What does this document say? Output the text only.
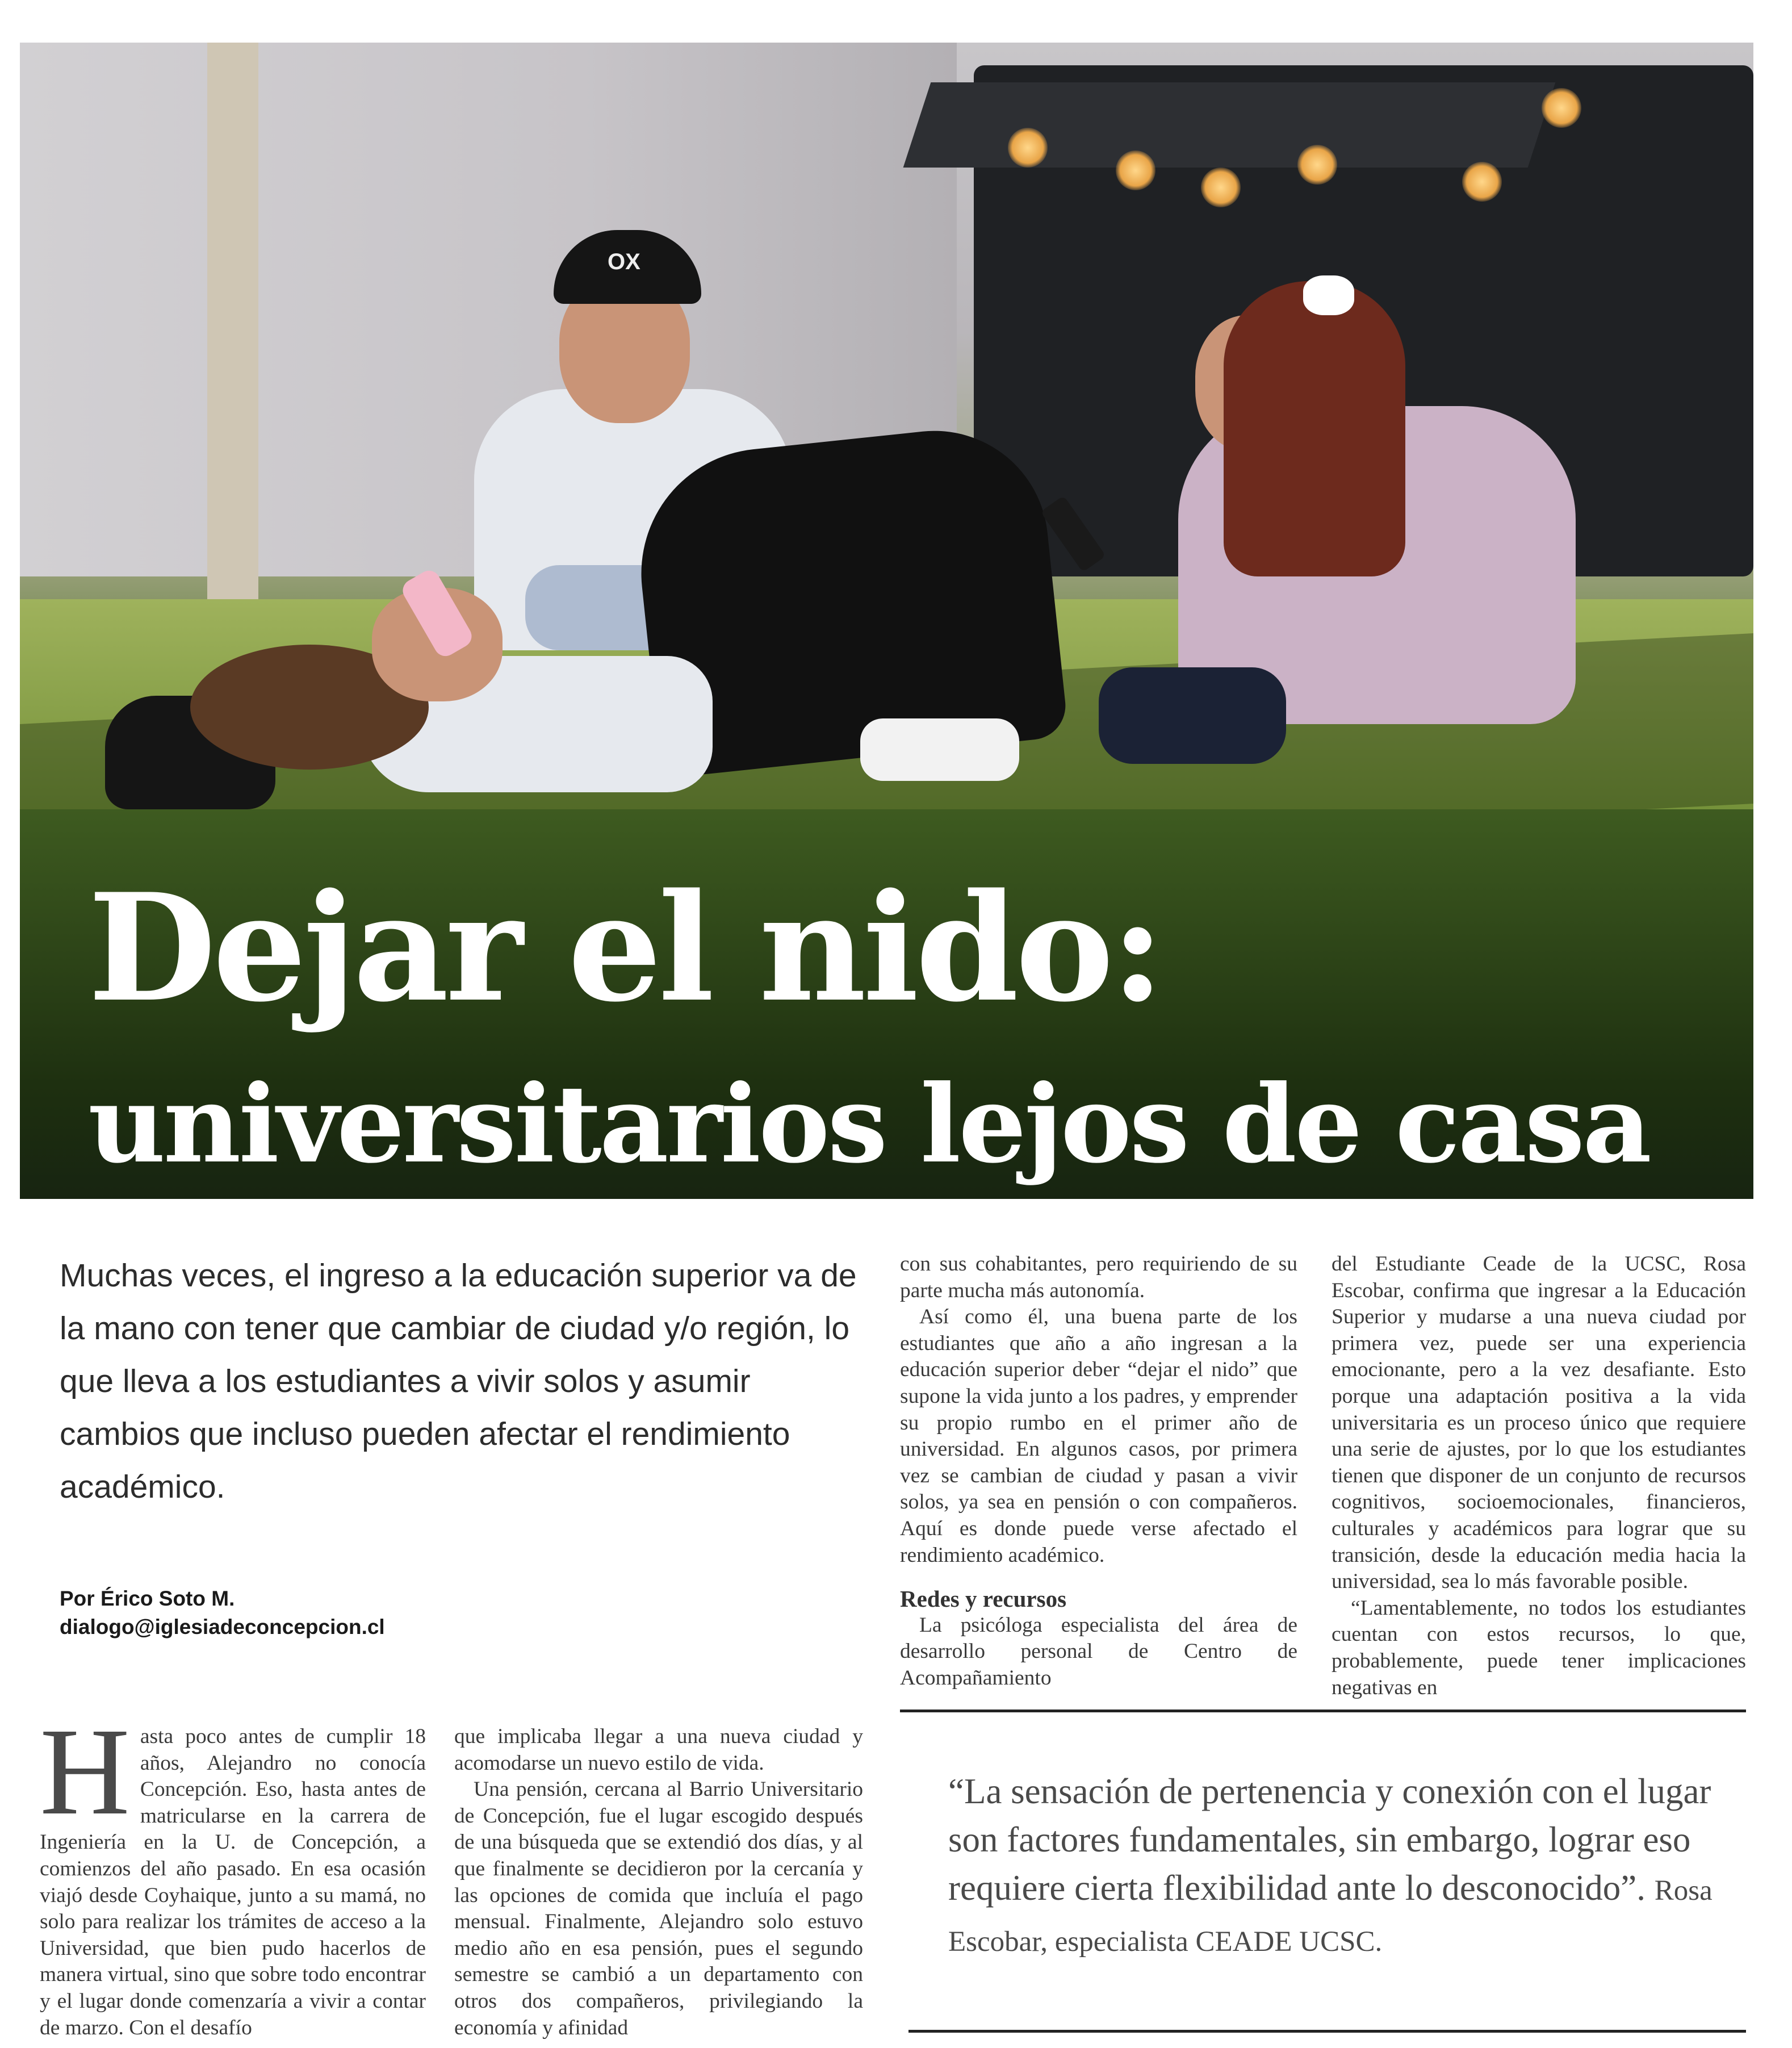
OX
Dejar el nido:
universitarios lejos de casa
Muchas veces, el ingreso a la educación superior va de la mano con tener que cambiar de ciudad y/o región, lo que lleva a los estudiantes a vivir solos y asumir cambios que incluso pueden afectar el rendimiento académico.
Por Érico Soto M.
dialogo@iglesiadeconcepcion.cl

con sus cohabitantes, pero requiriendo de su parte mucha más autonomía.

Así como él, una buena parte de los estudiantes que año a año ingresan a la educación superior deber “dejar el nido” que supone la vida junto a los padres, y emprender su propio rumbo en el primer año de universidad. En algunos casos, por primera vez se cambian de ciudad y pasan a vivir solos, ya sea en pensión o con compañeros. Aquí es donde puede verse afectado el rendimiento académico.

Redes y recursos

La psicóloga especialista del área de desarrollo personal de Centro de Acompañamiento

del Estudiante Ceade de la UCSC, Rosa Escobar, confirma que ingresar a la Educación Superior y mudarse a una nueva ciudad por primera vez, puede ser una experiencia emocionante, pero a la vez desafiante. Esto porque una adaptación positiva a la vida universitaria es un proceso único que requiere una serie de ajustes, por lo que los estudiantes tienen que disponer de un conjunto de recursos cognitivos, socioemocionales, financieros, culturales y académicos para lograr que su transición, desde la educación media hacia la universidad, sea lo más favorable posible.

“Lamentablemente, no todos los estudiantes cuentan con estos recursos, lo que, probablemente, puede tener implicaciones negativas en

Hasta poco antes de cumplir 18 años, Alejandro no conocía Concepción. Eso, hasta antes de matricularse en la carrera de Ingeniería en la U. de Concepción, a comienzos del año pasado. En esa ocasión viajó desde Coyhaique, junto a su mamá, no solo para realizar los trámites de acceso a la Universidad, que bien pudo hacerlos de manera virtual, sino que sobre todo encontrar y el lugar donde comenzaría a vivir a contar de marzo. Con el desafío

que implicaba llegar a una nueva ciudad y acomodarse un nuevo estilo de vida.

Una pensión, cercana al Barrio Universitario de Concepción, fue el lugar escogido después de una búsqueda que se extendió dos días, y al que finalmente se decidieron por la cercanía y las opciones de comida que incluía el pago mensual. Finalmente, Alejandro solo estuvo medio año en esa pensión, pues el segundo semestre se cambió a un departamento con otros dos compañeros, privilegiando la economía y afinidad

“La sensación de pertenencia y conexión con el lugar son factores fundamentales, sin embargo, lograr eso requiere cierta flexibilidad ante lo desconocido”. Rosa Escobar, especialista CEADE UCSC.
